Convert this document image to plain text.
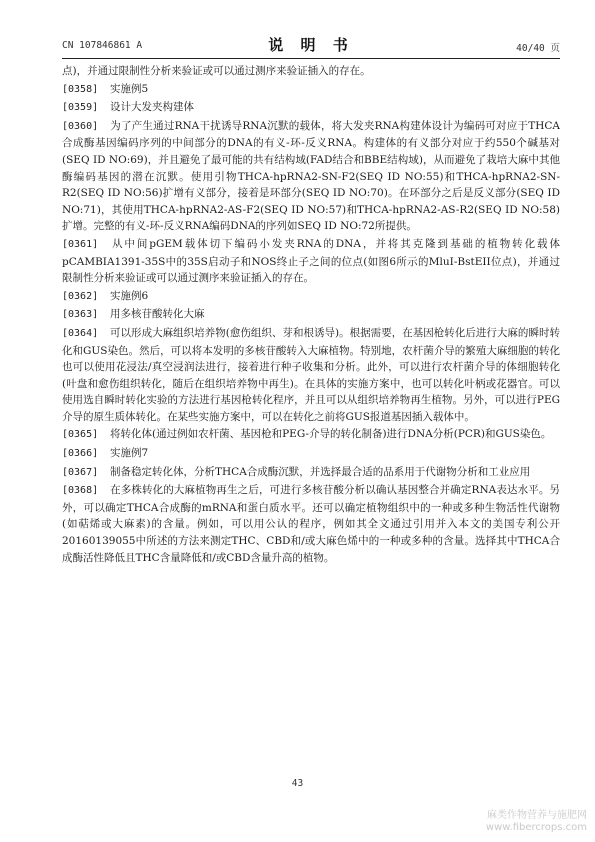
CN 107846861 A	说 明 书	40/40 页

点)，并通过限制性分析来验证或可以通过测序来验证插入的存在。

[0358] 实施例5

[0359] 设计大发夹构建体

[0360] 为了产生通过RNA干扰诱导RNA沉默的载体，将大发夹RNA构建体设计为编码可对应于THCA合成酶基因编码序列的中间部分的DNA的有义-环-反义RNA。构建体的有义部分对应于约550个碱基对(SEQ ID NO:69)，并且避免了最可能的共有结构域(FAD结合和BBE结构域)，从而避免了栽培大麻中其他酶编码基因的潜在沉默。使用引物THCA-hpRNA2-SN-F2(SEQ ID NO:55)和THCA-hpRNA2-SN-R2(SEQ ID NO:56)扩增有义部分，接着是环部分(SEQ ID NO:70)。在环部分之后是反义部分(SEQ ID NO:71)，其使用THCA-hpRNA2-AS-F2(SEQ ID NO:57)和THCA-hpRNA2-AS-R2(SEQ ID NO:58)扩增。完整的有义-环-反义RNA编码DNA的序列如SEQ ID NO:72所提供。

[0361] 从中间pGEM载体切下编码小发夹RNA的DNA，并将其克隆到基础的植物转化载体pCAMBIA1391-35S中的35S启动子和NOS终止子之间的位点(如图6所示的MluI-BstEII位点)，并通过限制性分析来验证或可以通过测序来验证插入的存在。

[0362] 实施例6

[0363] 用多核苷酸转化大麻

[0364] 可以形成大麻组织培养物(愈伤组织、芽和根诱导)。根据需要，在基因枪转化后进行大麻的瞬时转化和GUS染色。然后，可以将本发明的多核苷酸转入大麻植物。特别地，农杆菌介导的繁殖大麻细胞的转化也可以使用花浸法/真空浸润法进行，接着进行种子收集和分析。此外，可以进行农杆菌介导的体细胞转化(叶盘和愈伤组织转化，随后在组织培养物中再生)。在具体的实施方案中，也可以转化叶柄或花器官。可以使用选自瞬时转化实验的方法进行基因枪转化程序，并且可以从组织培养物再生植物。另外，可以进行PEG介导的原生质体转化。在某些实施方案中，可以在转化之前将GUS报道基因插入载体中。

[0365] 将转化体(通过例如农杆菌、基因枪和PEG-介导的转化制备)进行DNA分析(PCR)和GUS染色。

[0366] 实施例7

[0367] 制备稳定转化体，分析THCA合成酶沉默，并选择最合适的品系用于代谢物分析和工业应用

[0368] 在多株转化的大麻植物再生之后，可进行多核苷酸分析以确认基因整合并确定RNA表达水平。另外，可以确定THCA合成酶的mRNA和蛋白质水平。还可以确定植物组织中的一种或多种生物活性代谢物(如萜烯或大麻素)的含量。例如，可以用公认的程序，例如其全文通过引用并入本文的美国专利公开20160139055中所述的方法来测定THC、CBD和/或大麻色烯中的一种或多种的含量。选择其中THCA合成酶活性降低且THC含量降低和/或CBD含量升高的植物。

43
麻类作物营养与施肥网
www.fibercrops.com
